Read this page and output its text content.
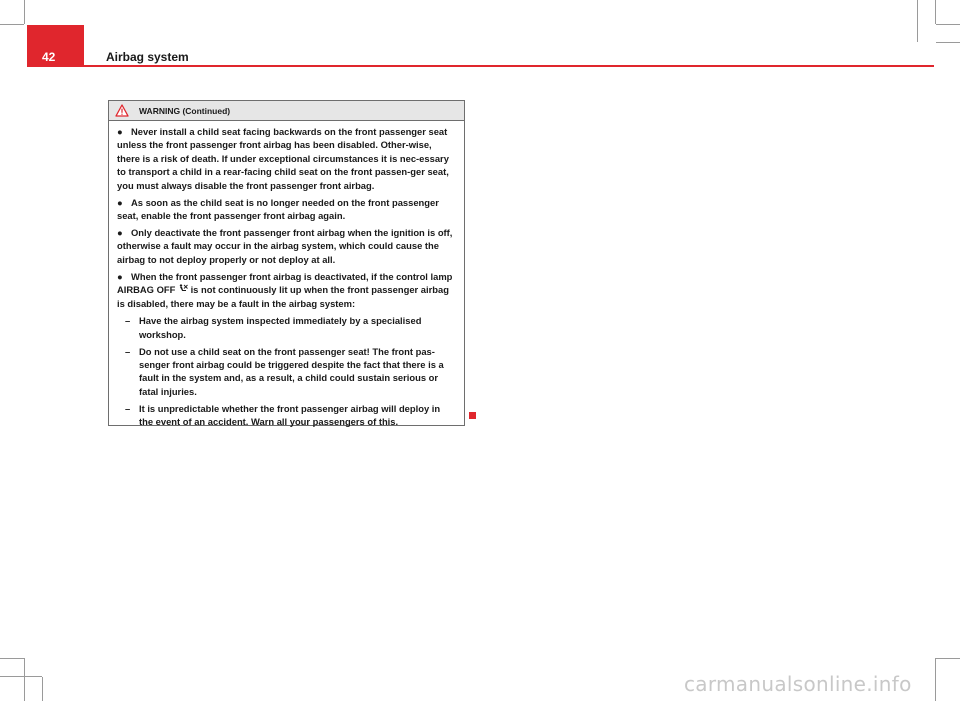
42	Airbag system
WARNING (Continued)

● Never install a child seat facing backwards on the front passenger seat unless the front passenger front airbag has been disabled. Other-wise, there is a risk of death. If under exceptional circumstances it is nec-essary to transport a child in a rear-facing child seat on the front passen-ger seat, you must always disable the front passenger front airbag.

● As soon as the child seat is no longer needed on the front passenger seat, enable the front passenger front airbag again.

● Only deactivate the front passenger front airbag when the ignition is off, otherwise a fault may occur in the airbag system, which could cause the airbag to not deploy properly or not deploy at all.

● When the front passenger front airbag is deactivated, if the control lamp AIRBAG OFF is not continuously lit up when the front passenger airbag is disabled, there may be a fault in the airbag system:

– Have the airbag system inspected immediately by a specialised workshop.

– Do not use a child seat on the front passenger seat! The front pas-senger front airbag could be triggered despite the fact that there is a fault in the system and, as a result, a child could sustain serious or fatal injuries.

– It is unpredictable whether the front passenger airbag will deploy in the event of an accident. Warn all your passengers of this.

carmanualsonline.info
